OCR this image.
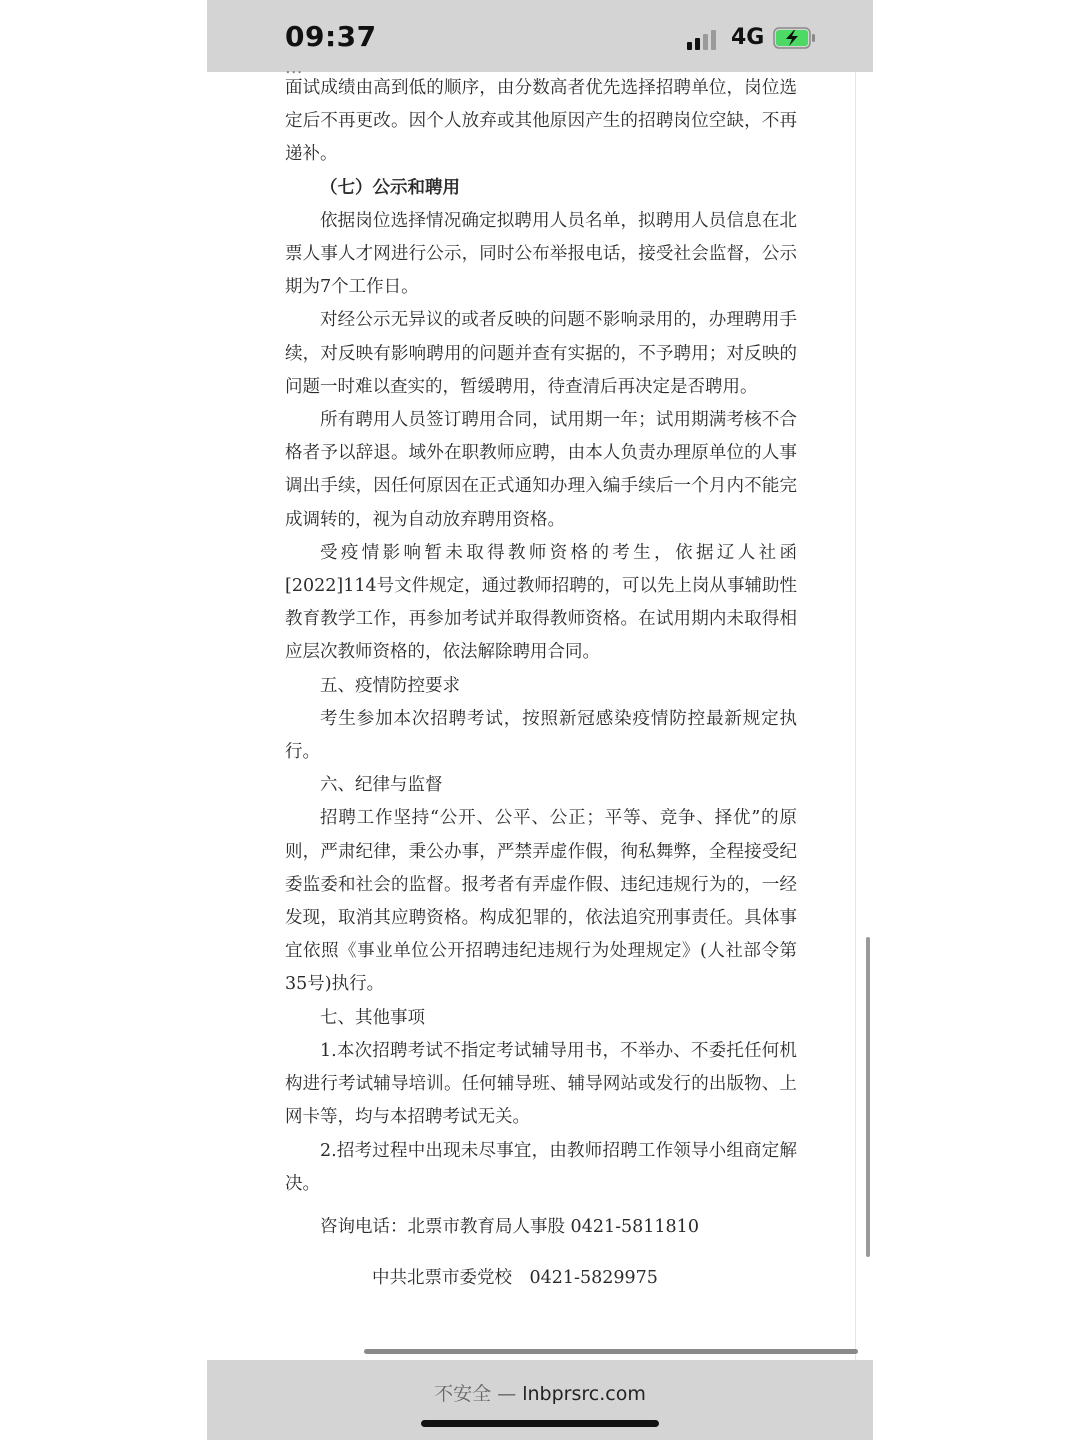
09:37	4G

…

面试成绩由高到低的顺序，由分数高者优先选择招聘单位，岗位选定后不再更改。因个人放弃或其他原因产生的招聘岗位空缺，不再递补。

（七）公示和聘用

依据岗位选择情况确定拟聘用人员名单，拟聘用人员信息在北票人事人才网进行公示，同时公布举报电话，接受社会监督，公示期为7个工作日。

对经公示无异议的或者反映的问题不影响录用的，办理聘用手续，对反映有影响聘用的问题并查有实据的，不予聘用；对反映的问题一时难以查实的，暂缓聘用，待查清后再决定是否聘用。

所有聘用人员签订聘用合同，试用期一年；试用期满考核不合格者予以辞退。域外在职教师应聘，由本人负责办理原单位的人事调出手续，因任何原因在正式通知办理入编手续后一个月内不能完成调转的，视为自动放弃聘用资格。

受疫情影响暂未取得教师资格的考生，依据辽人社函[2022]114号文件规定，通过教师招聘的，可以先上岗从事辅助性教育教学工作，再参加考试并取得教师资格。在试用期内未取得相应层次教师资格的，依法解除聘用合同。

五、疫情防控要求

考生参加本次招聘考试，按照新冠感染疫情防控最新规定执行。

六、纪律与监督

招聘工作坚持“公开、公平、公正；平等、竞争、择优”的原则，严肃纪律，秉公办事，严禁弄虚作假，徇私舞弊，全程接受纪委监委和社会的监督。报考者有弄虚作假、违纪违规行为的，一经发现，取消其应聘资格。构成犯罪的，依法追究刑事责任。具体事宜依照《事业单位公开招聘违纪违规行为处理规定》(人社部令第35号)执行。

七、其他事项

1.本次招聘考试不指定考试辅导用书，不举办、不委托任何机构进行考试辅导培训。任何辅导班、辅导网站或发行的出版物、上网卡等，均与本招聘考试无关。

2.招考过程中出现未尽事宜，由教师招聘工作领导小组商定解决。

咨询电话：北票市教育局人事股 0421-5811810

中共北票市委党校　0421-5829975

不安全 — lnbprsrc.com
